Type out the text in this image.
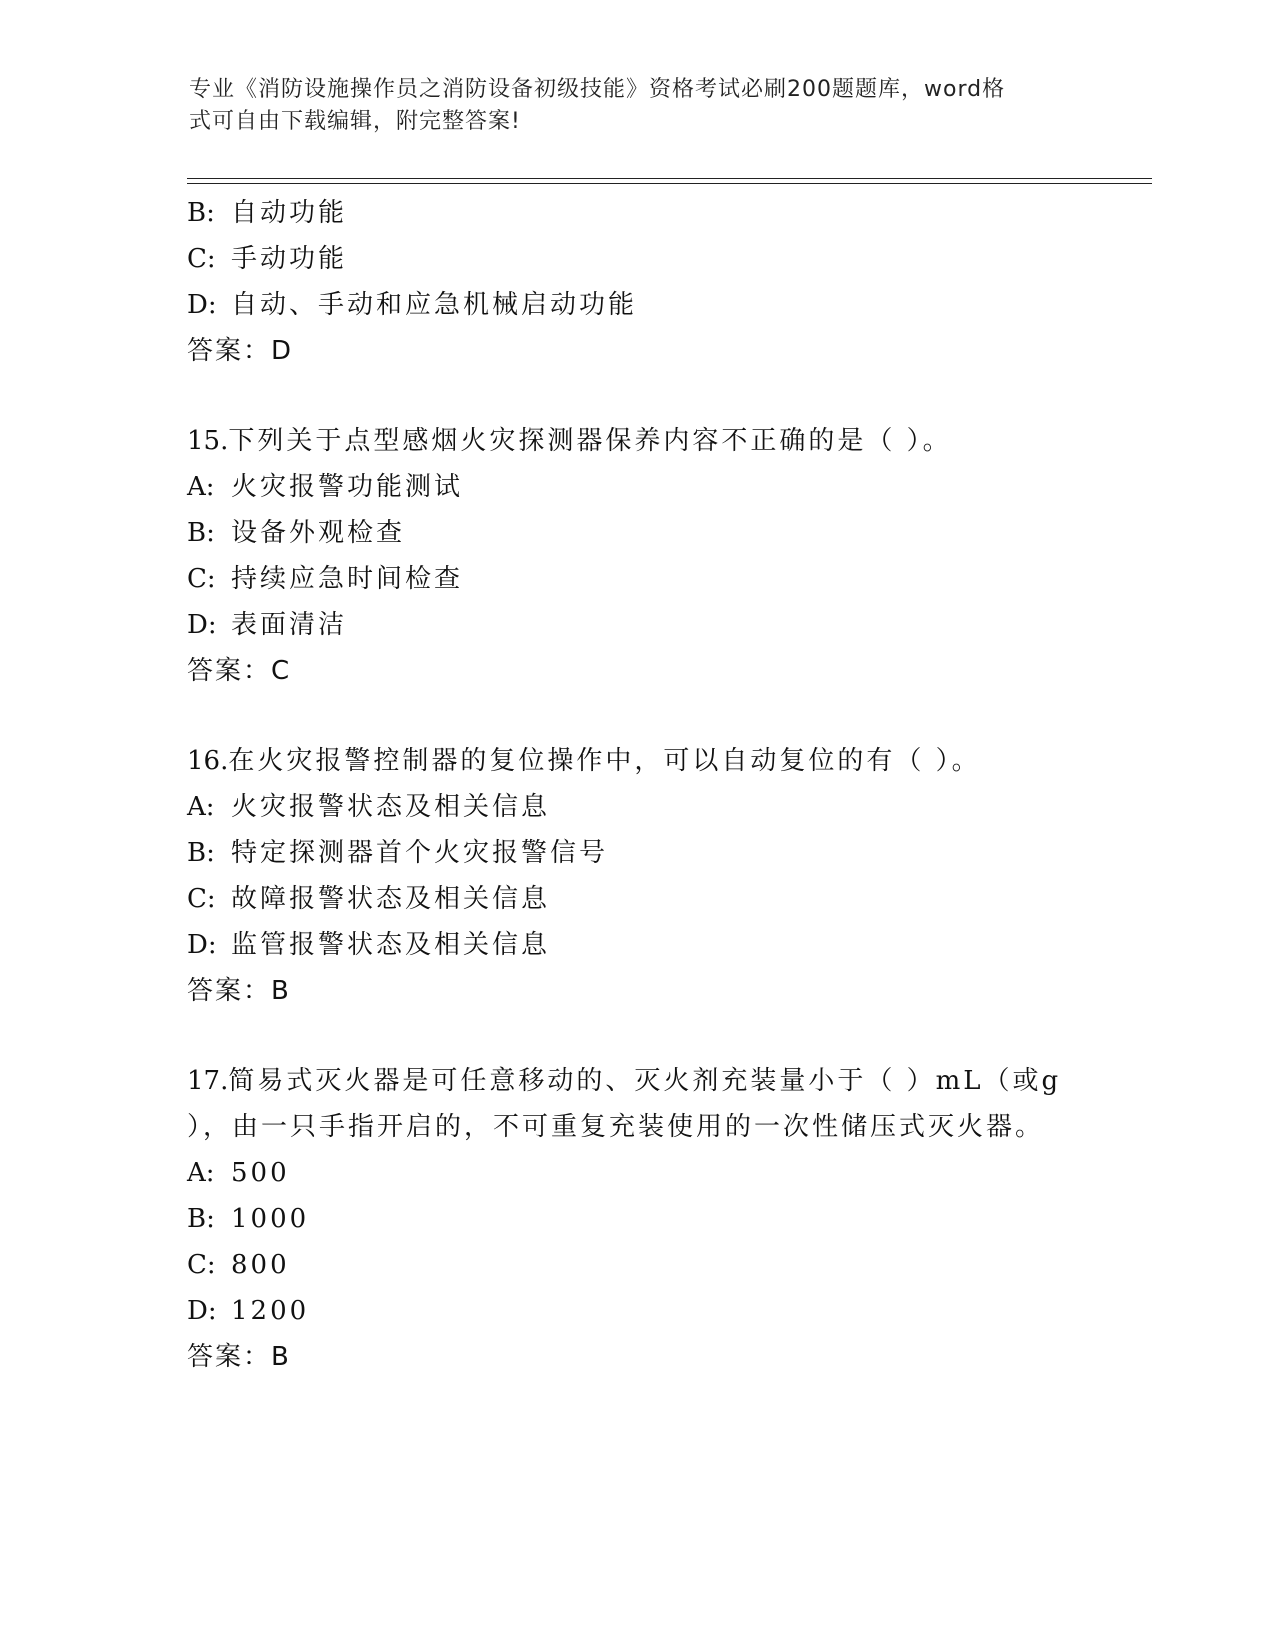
专业《消防设施操作员之消防设备初级技能》资格考试必刷200题题库，word格
式可自由下载编辑，附完整答案!
B: 自动功能
C: 手动功能
D: 自动、手动和应急机械启动功能
答案：D
15.下列关于点型感烟火灾探测器保养内容不正确的是（ ）。
A: 火灾报警功能测试
B: 设备外观检查
C: 持续应急时间检查
D: 表面清洁
答案：C
16.在火灾报警控制器的复位操作中，可以自动复位的有（ ）。
A: 火灾报警状态及相关信息
B: 特定探测器首个火灾报警信号
C: 故障报警状态及相关信息
D: 监管报警状态及相关信息
答案：B
17.简易式灭火器是可任意移动的、灭火剂充装量小于（ ）mL（或g
），由一只手指开启的，不可重复充装使用的一次性储压式灭火器。
A: 500
B: 1000
C: 800
D: 1200
答案：B
